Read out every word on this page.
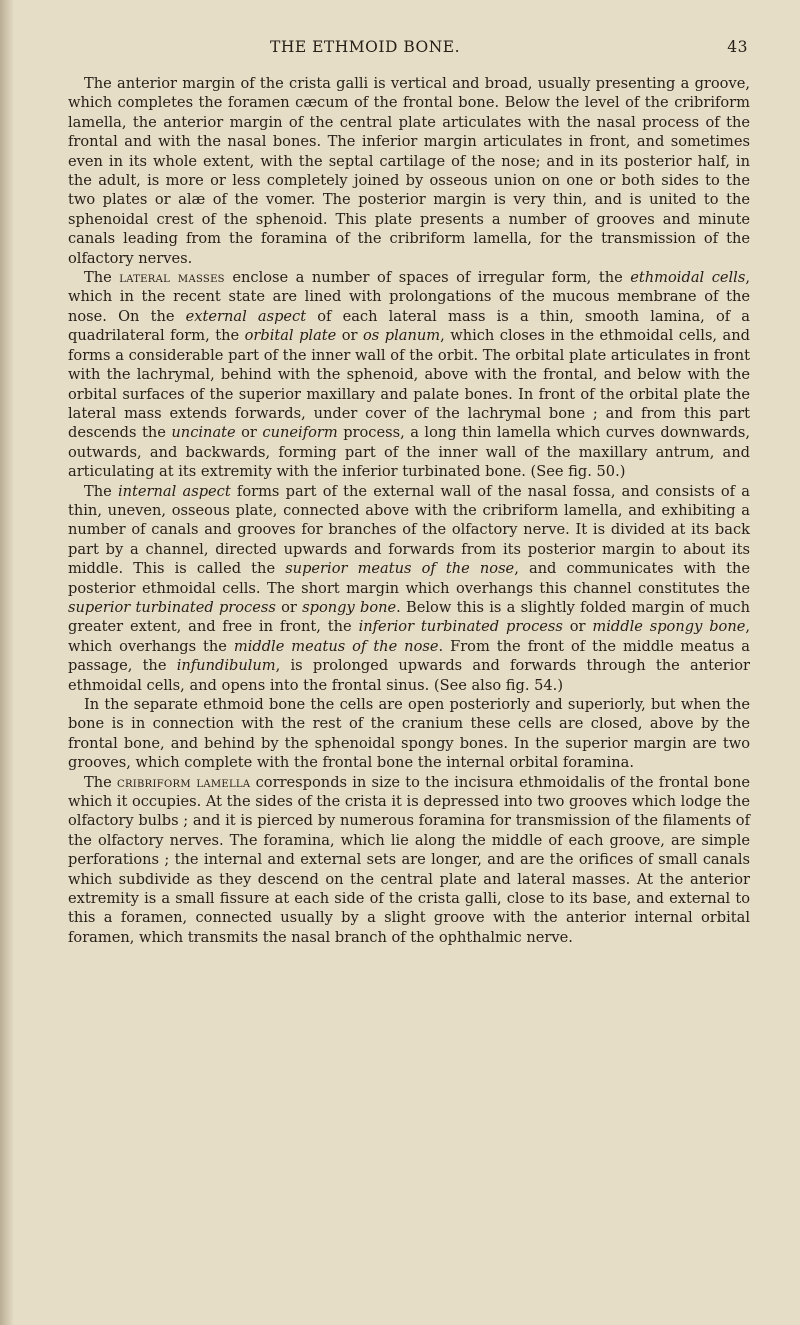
THE ETHMOID BONE.	43

The anterior margin of the crista galli is vertical and broad, usually presenting a groove, which completes the foramen cæcum of the frontal bone. Below the level of the cribriform lamella, the anterior margin of the central plate articulates with the nasal process of the frontal and with the nasal bones. The inferior margin articulates in front, and sometimes even in its whole extent, with the septal cartilage of the nose; and in its posterior half, in the adult, is more or less completely joined by osseous union on one or both sides to the two plates or alæ of the vomer. The posterior margin is very thin, and is united to the sphenoidal crest of the sphenoid. This plate presents a number of grooves and minute canals leading from the foramina of the cribriform lamella, for the transmission of the olfactory nerves.

The lateral masses enclose a number of spaces of irregular form, the ethmoidal cells, which in the recent state are lined with prolongations of the mucous membrane of the nose. On the external aspect of each lateral mass is a thin, smooth lamina, of a quadrilateral form, the orbital plate or os planum, which closes in the ethmoidal cells, and forms a considerable part of the inner wall of the orbit. The orbital plate articulates in front with the lachrymal, behind with the sphenoid, above with the frontal, and below with the orbital surfaces of the superior maxillary and palate bones. In front of the orbital plate the lateral mass extends forwards, under cover of the lachrymal bone ; and from this part descends the uncinate or cuneiform process, a long thin lamella which curves downwards, outwards, and backwards, forming part of the inner wall of the maxillary antrum, and articulating at its extremity with the inferior turbinated bone. (See fig. 50.)

The internal aspect forms part of the external wall of the nasal fossa, and consists of a thin, uneven, osseous plate, connected above with the cribriform lamella, and exhibiting a number of canals and grooves for branches of the olfactory nerve. It is divided at its back part by a channel, directed upwards and forwards from its posterior margin to about its middle. This is called the superior meatus of the nose, and communicates with the posterior ethmoidal cells. The short margin which overhangs this channel constitutes the superior turbinated process or spongy bone. Below this is a slightly folded margin of much greater extent, and free in front, the inferior turbinated process or middle spongy bone, which overhangs the middle meatus of the nose. From the front of the middle meatus a passage, the infundibulum, is prolonged upwards and forwards through the anterior ethmoidal cells, and opens into the frontal sinus. (See also fig. 54.)

In the separate ethmoid bone the cells are open posteriorly and superiorly, but when the bone is in connection with the rest of the cranium these cells are closed, above by the frontal bone, and behind by the sphenoidal spongy bones. In the superior margin are two grooves, which complete with the frontal bone the internal orbital foramina.

The cribriform lamella corresponds in size to the incisura ethmoidalis of the frontal bone which it occupies. At the sides of the crista it is depressed into two grooves which lodge the olfactory bulbs ; and it is pierced by numerous foramina for transmission of the filaments of the olfactory nerves. The foramina, which lie along the middle of each groove, are simple perforations ; the internal and external sets are longer, and are the orifices of small canals which subdivide as they descend on the central plate and lateral masses. At the anterior extremity is a small fissure at each side of the crista galli, close to its base, and external to this a foramen, connected usually by a slight groove with the anterior internal orbital foramen, which transmits the nasal branch of the ophthalmic nerve.
